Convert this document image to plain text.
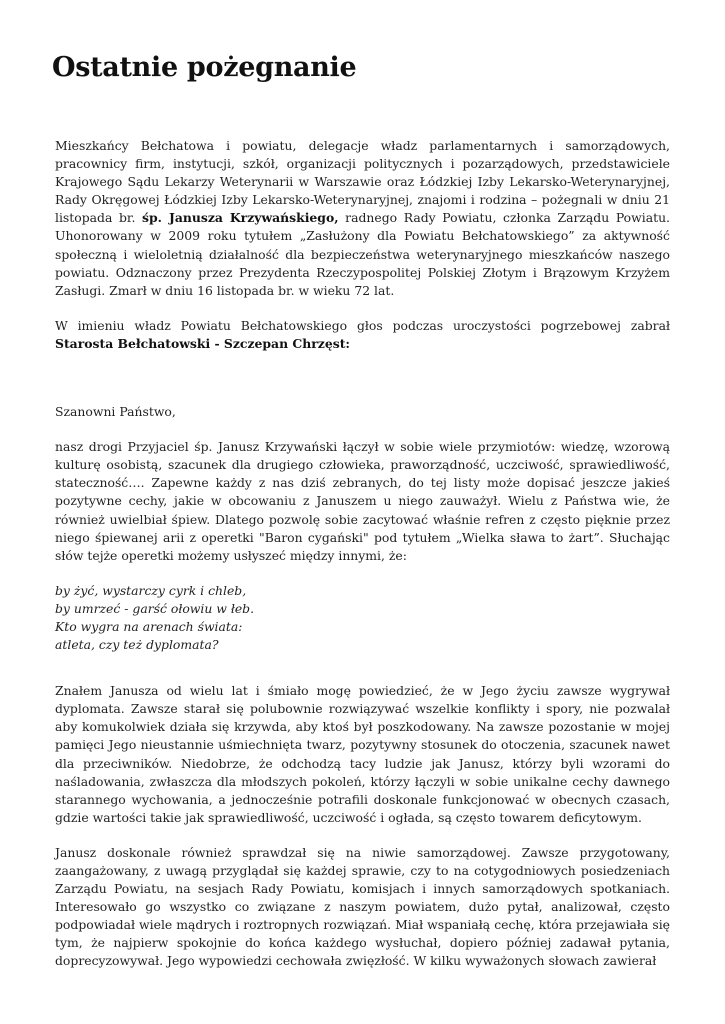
Ostatnie pożegnanie

Mieszkańcy Bełchatowa i powiatu, delegacje władz parlamentarnych i samorządowych, pracownicy firm, instytucji, szkół, organizacji politycznych i pozarządowych, przedstawiciele Krajowego Sądu Lekarzy Weterynarii w Warszawie oraz Łódzkiej Izby Lekarsko-Weterynaryjnej, Rady Okręgowej Łódzkiej Izby Lekarsko-Weterynaryjnej, znajomi i rodzina – pożegnali w dniu 21 listopada br. śp. Janusza Krzywańskiego, radnego Rady Powiatu, członka Zarządu Powiatu. Uhonorowany w 2009 roku tytułem „Zasłużony dla Powiatu Bełchatowskiego” za aktywność społeczną i wieloletnią działalność dla bezpieczeństwa weterynaryjnego mieszkańców naszego powiatu. Odznaczony przez Prezydenta Rzeczypospolitej Polskiej Złotym i Brązowym Krzyżem Zasługi. Zmarł w dniu 16 listopada br. w wieku 72 lat.

W imieniu władz Powiatu Bełchatowskiego głos podczas uroczystości pogrzebowej zabrał Starosta Bełchatowski - Szczepan Chrzęst:

Szanowni Państwo,

nasz drogi Przyjaciel śp. Janusz Krzywański łączył w sobie wiele przymiotów: wiedzę, wzorową kulturę osobistą, szacunek dla drugiego człowieka, praworządność, uczciwość, sprawiedliwość, stateczność…. Zapewne każdy z nas dziś zebranych, do tej listy może dopisać jeszcze jakieś pozytywne cechy, jakie w obcowaniu z Januszem u niego zauważył. Wielu z Państwa wie, że również uwielbiał śpiew. Dlatego pozwolę sobie zacytować właśnie refren z często pięknie przez niego śpiewanej arii z operetki "Baron cygański" pod tytułem „Wielka sława to żart”. Słuchając słów tejże operetki możemy usłyszeć między innymi, że:

by żyć, wystarczy cyrk i chleb,
by umrzeć - garść ołowiu w łeb.
Kto wygra na arenach świata:
atleta, czy też dyplomata?

Znałem Janusza od wielu lat i śmiało mogę powiedzieć, że w Jego życiu zawsze wygrywał dyplomata. Zawsze starał się polubownie rozwiązywać wszelkie konflikty i spory, nie pozwalał aby komukolwiek działa się krzywda, aby ktoś był poszkodowany. Na zawsze pozostanie w mojej pamięci Jego nieustannie uśmiechnięta twarz, pozytywny stosunek do otoczenia, szacunek nawet dla przeciwników. Niedobrze, że odchodzą tacy ludzie jak Janusz, którzy byli wzorami do naśladowania, zwłaszcza dla młodszych pokoleń, którzy łączyli w sobie unikalne cechy dawnego starannego wychowania, a jednocześnie potrafili doskonale funkcjonować w obecnych czasach, gdzie wartości takie jak sprawiedliwość, uczciwość i ogłada, są często towarem deficytowym.

Janusz doskonale również sprawdzał się na niwie samorządowej. Zawsze przygotowany, zaangażowany, z uwagą przyglądał się każdej sprawie, czy to na cotygodniowych posiedzeniach Zarządu Powiatu, na sesjach Rady Powiatu, komisjach i innych samorządowych spotkaniach. Interesowało go wszystko co związane z naszym powiatem, dużo pytał, analizował, często podpowiadał wiele mądrych i roztropnych rozwiązań. Miał wspaniałą cechę, która przejawiała się tym, że najpierw spokojnie do końca każdego wysłuchał, dopiero później zadawał pytania, doprecyzowywał. Jego wypowiedzi cechowała zwięzłość. W kilku wyważonych słowach zawierał
